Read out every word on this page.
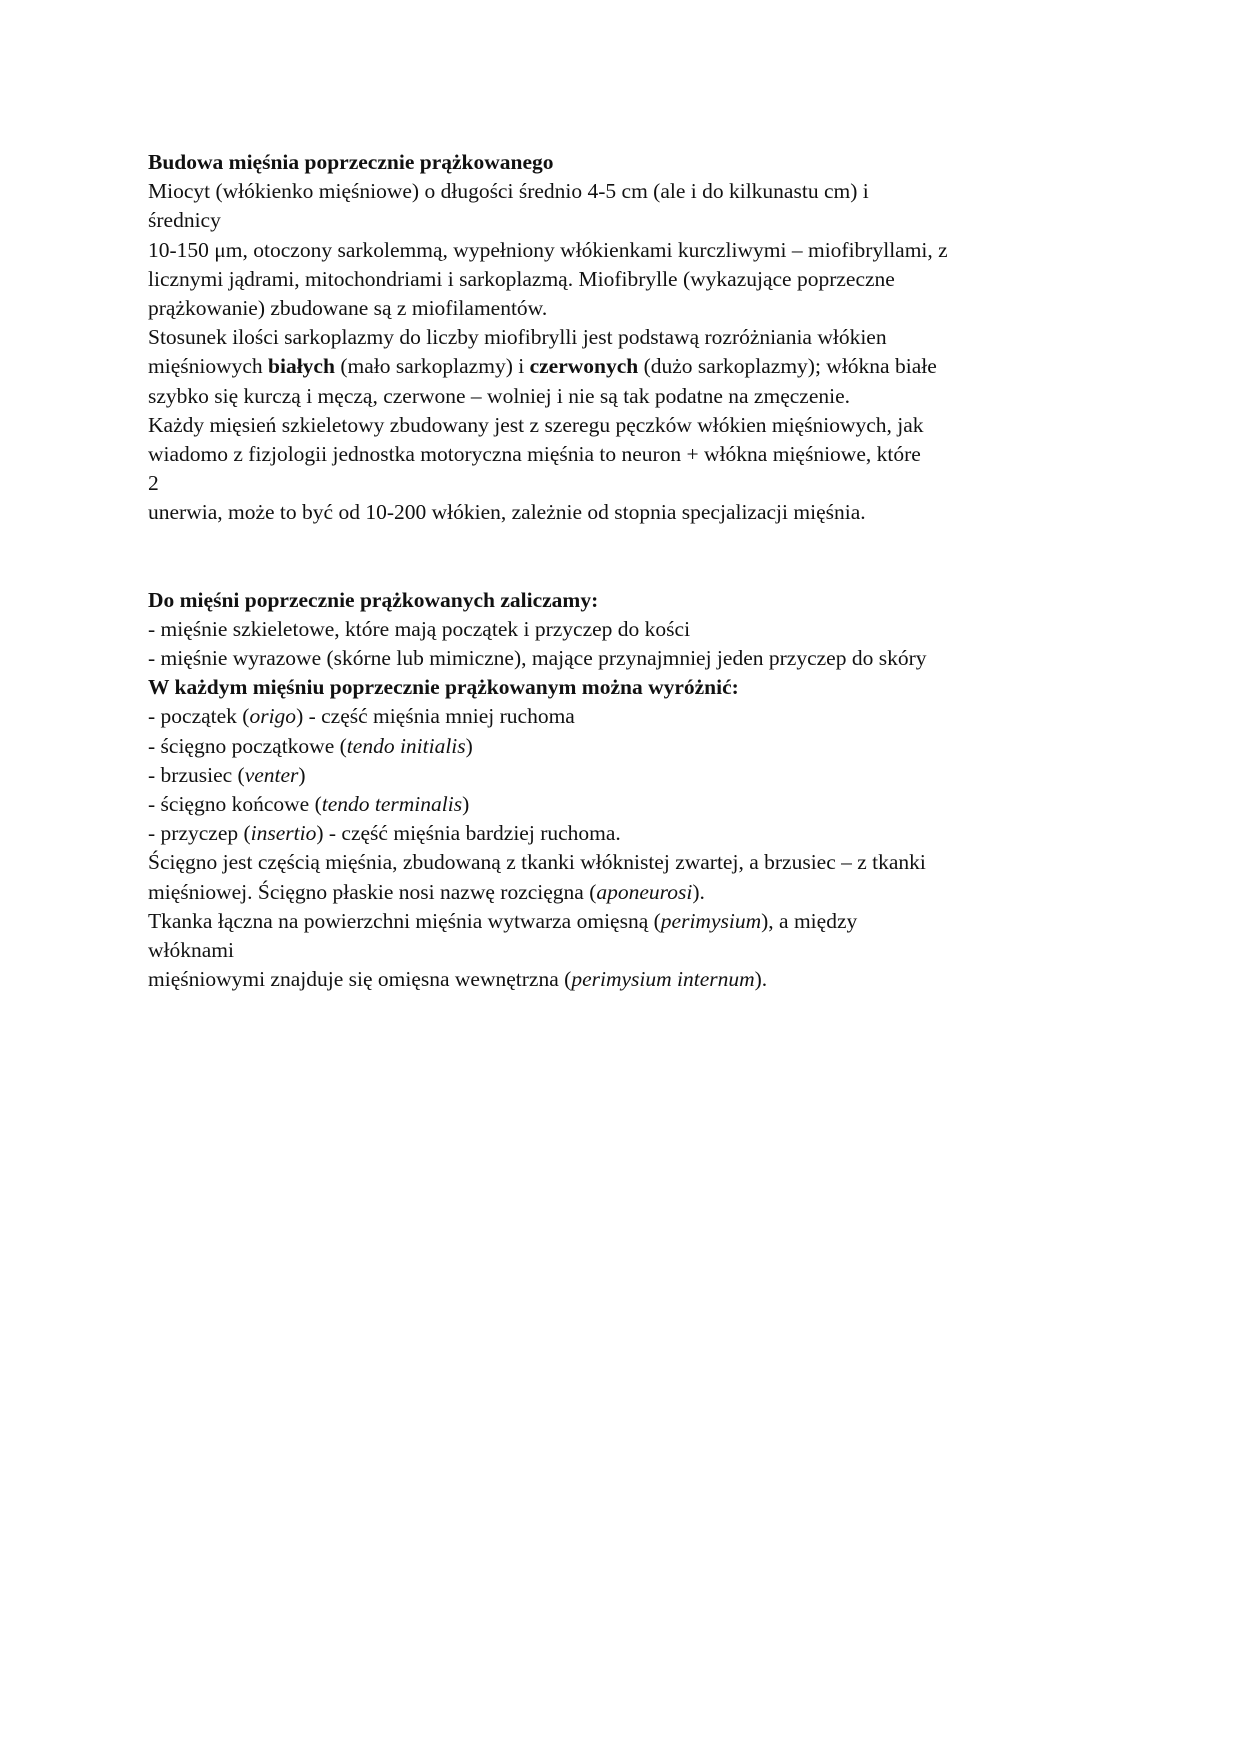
Budowa mięśnia poprzecznie prążkowanego
Miocyt (włókienko mięśniowe) o długości średnio 4-5 cm (ale i do kilkunastu cm) i
średnicy
10-150 μm, otoczony sarkolemmą, wypełniony włókienkami kurczliwymi – miofibryllami, z
licznymi jądrami, mitochondriami i sarkoplazmą. Miofibrylle (wykazujące poprzeczne
prążkowanie) zbudowane są z miofilamentów.
Stosunek ilości sarkoplazmy do liczby miofibrylli jest podstawą rozróżniania włókien
mięśniowych białych (mało sarkoplazmy) i czerwonych (dużo sarkoplazmy); włókna białe
szybko się kurczą i męczą, czerwone – wolniej i nie są tak podatne na zmęczenie.
Każdy mięsień szkieletowy zbudowany jest z szeregu pęczków włókien mięśniowych, jak
wiadomo z fizjologii jednostka motoryczna mięśnia to neuron + włókna mięśniowe, które
2
unerwia, może to być od 10-200 włókien, zależnie od stopnia specjalizacji mięśnia.
Do mięśni poprzecznie prążkowanych zaliczamy:
- mięśnie szkieletowe, które mają początek i przyczep do kości
- mięśnie wyrazowe (skórne lub mimiczne), mające przynajmniej jeden przyczep do skóry
W każdym mięśniu poprzecznie prążkowanym można wyróżnić:
- początek (origo) - część mięśnia mniej ruchoma
- ścięgno początkowe (tendo initialis)
- brzusiec (venter)
- ścięgno końcowe (tendo terminalis)
- przyczep (insertio) - część mięśnia bardziej ruchoma.
Ścięgno jest częścią mięśnia, zbudowaną z tkanki włóknistej zwartej, a brzusiec – z tkanki
mięśniowej. Ścięgno płaskie nosi nazwę rozcięgna (aponeurosi).
Tkanka łączna na powierzchni mięśnia wytwarza omięsną (perimysium), a między
włóknami
mięśniowymi znajduje się omięsna wewnętrzna (perimysium internum).
